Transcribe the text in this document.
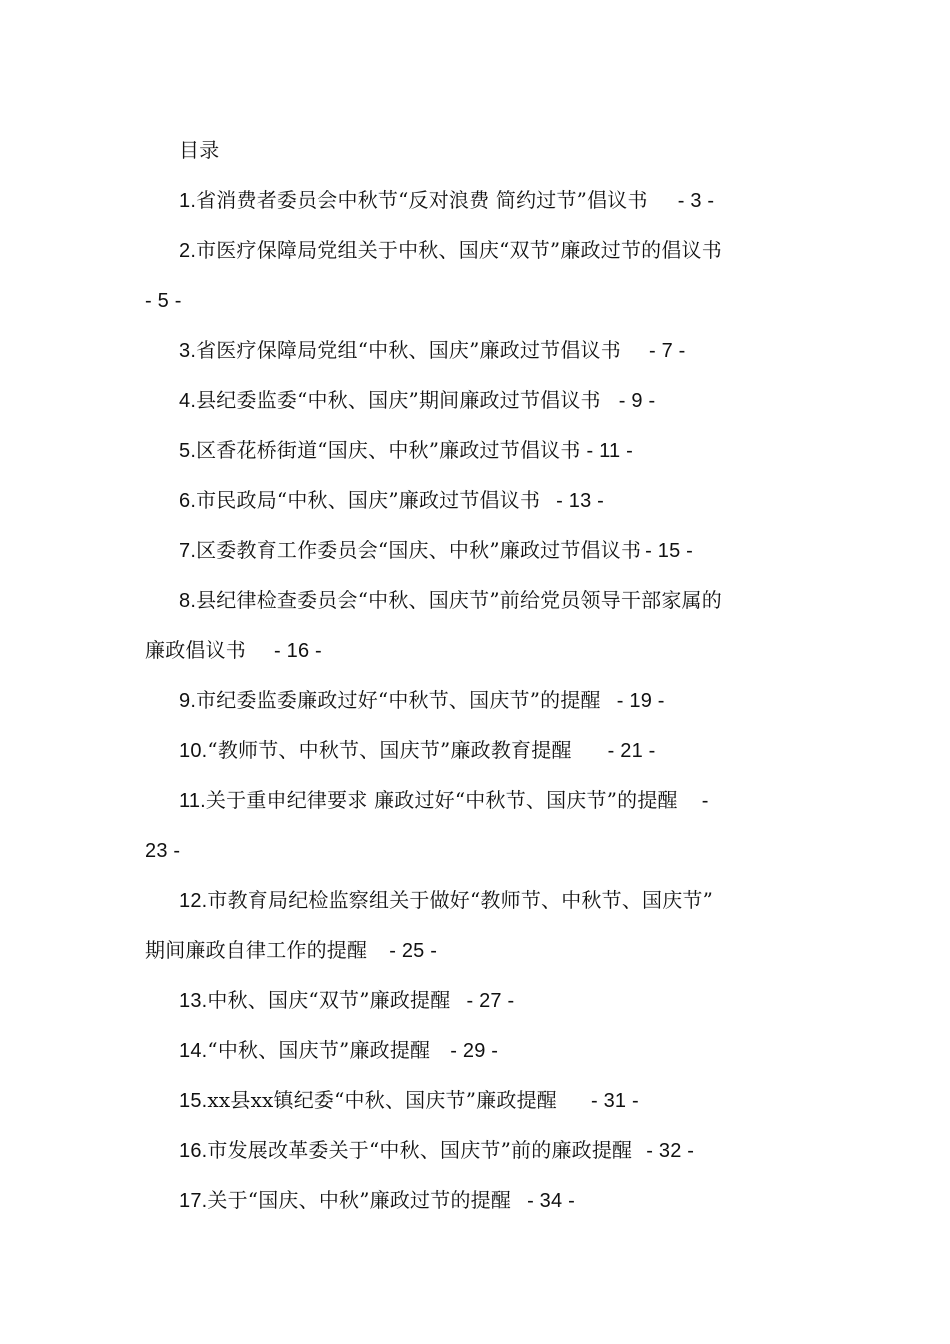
目录
1.省消费者委员会中秋节“反对浪费 简约过节”倡议书 - 3 -
2.市医疗保障局党组关于中秋、国庆“双节”廉政过节的倡议书
- 5 -
3.省医疗保障局党组“中秋、国庆”廉政过节倡议书 - 7 -
4.县纪委监委“中秋、国庆”期间廉政过节倡议书 - 9 -
5.区香花桥街道“国庆、中秋”廉政过节倡议书 - 11 -
6.市民政局“中秋、国庆”廉政过节倡议书 - 13 -
7.区委教育工作委员会“国庆、中秋”廉政过节倡议书 - 15 -
8.县纪律检查委员会“中秋、国庆节”前给党员领导干部家属的
廉政倡议书 - 16 -
9.市纪委监委廉政过好“中秋节、国庆节”的提醒 - 19 -
10.“教师节、中秋节、国庆节”廉政教育提醒 - 21 -
11.关于重申纪律要求 廉政过好“中秋节、国庆节”的提醒 -
23 -
12.市教育局纪检监察组关于做好“教师节、中秋节、国庆节”
期间廉政自律工作的提醒 - 25 -
13.中秋、国庆“双节”廉政提醒 - 27 -
14.“中秋、国庆节”廉政提醒 - 29 -
15.xx县xx镇纪委“中秋、国庆节”廉政提醒 - 31 -
16.市发展改革委关于“中秋、国庆节”前的廉政提醒 - 32 -
17.关于“国庆、中秋”廉政过节的提醒 - 34 -
